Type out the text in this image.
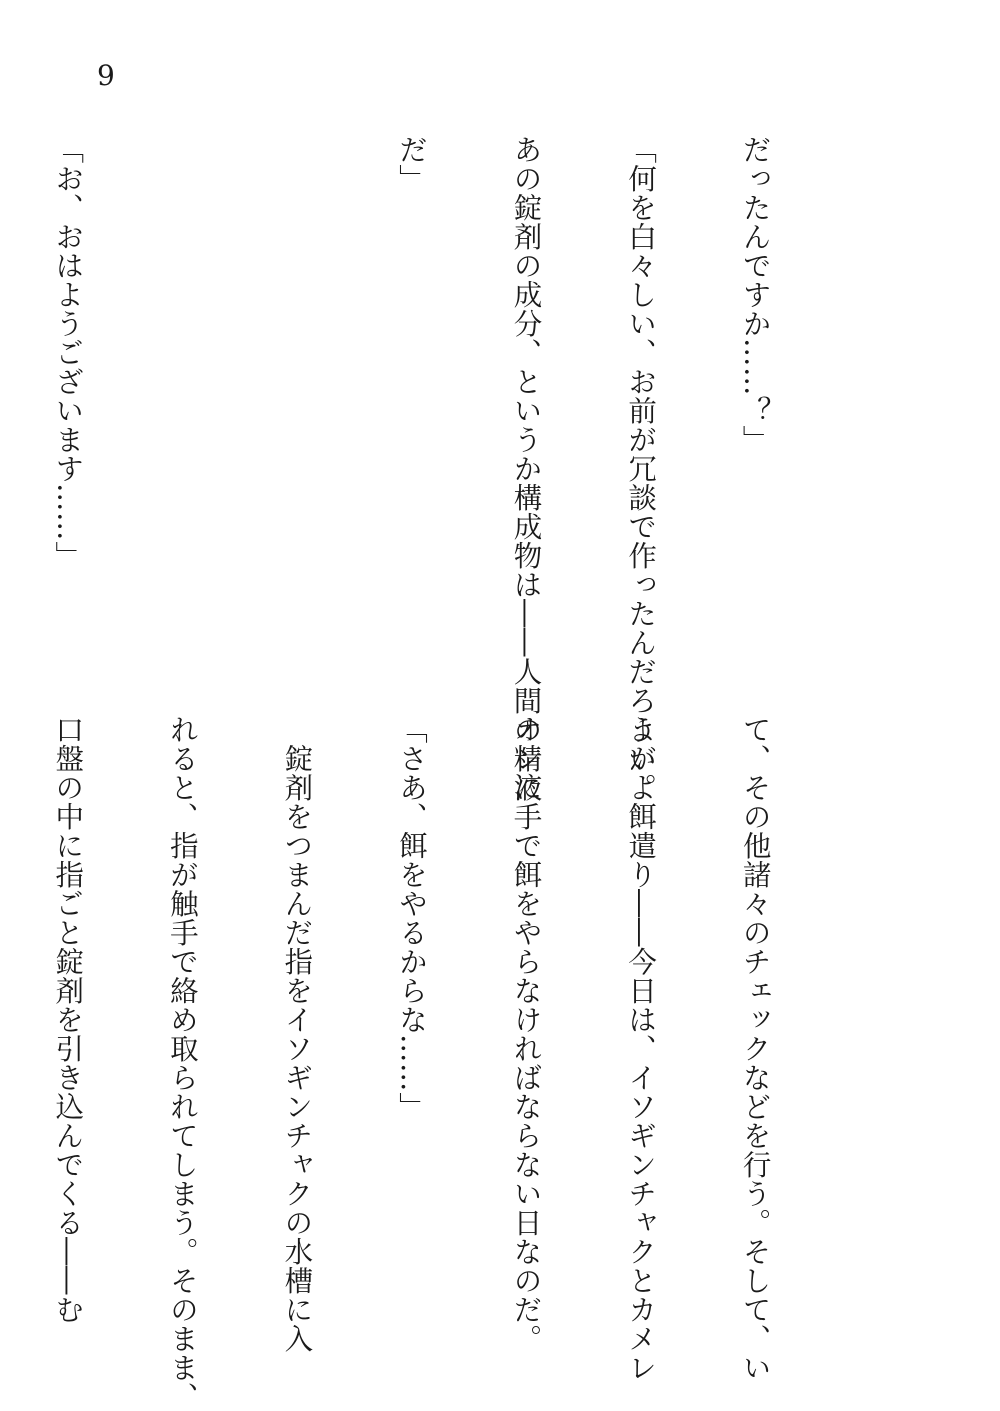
9

だったんですか……？」

「何を白々しい、お前が冗談で作ったんだろうが。

あの錠剤の成分、というか構成物は――人間の精液

だ」

「お、おはようございます……」

て、その他諸々のチェックなどを行う。そして、い

よいよ餌遣り――今日は、イソギンチャクとカメレ

オンに手で餌をやらなければならない日なのだ。

「さあ、餌をやるからな……」

　錠剤をつまんだ指をイソギンチャクの水槽に入

れると、指が触手で絡め取られてしまう。そのまま、

口盤の中に指ごと錠剤を引き込んでくる――む
